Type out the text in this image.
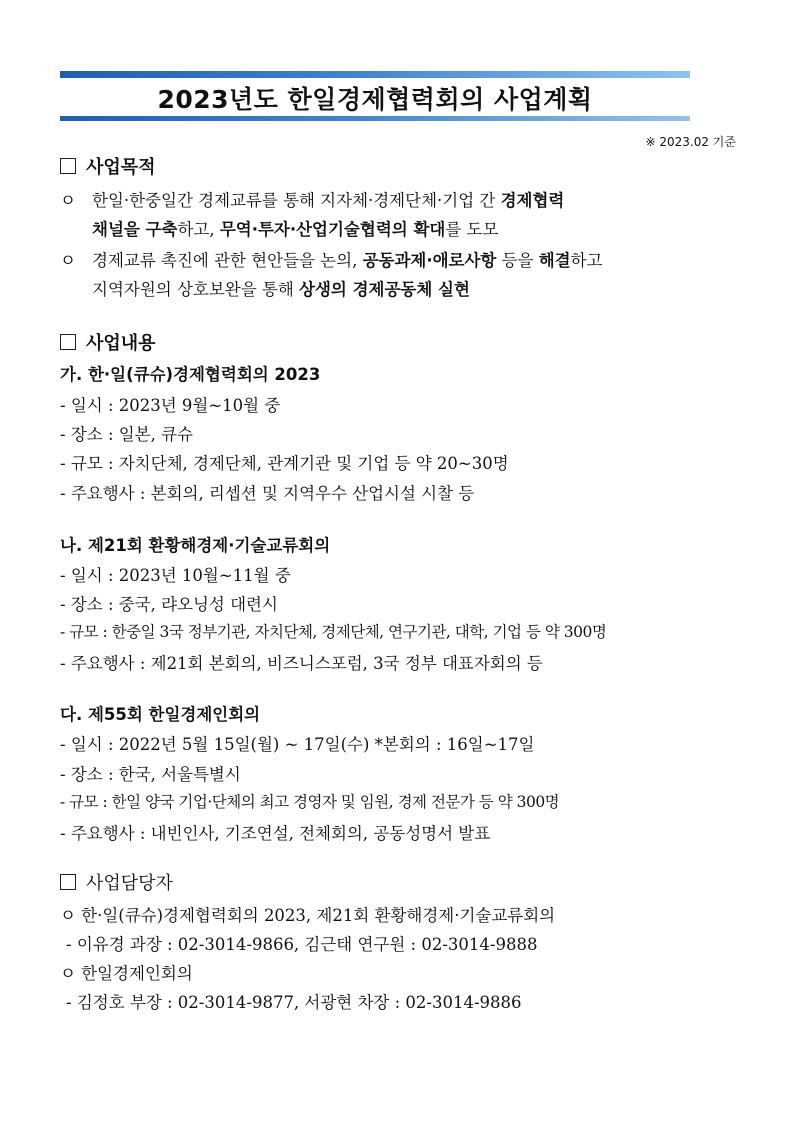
2023년도 한일경제협력회의 사업계획
※ 2023.02 기준
사업목적
ㅇ 한일·한중일간 경제교류를 통해 지자체·경제단체·기업 간 경제협력
채널을 구축하고, 무역·투자·산업기술협력의 확대를 도모
ㅇ 경제교류 촉진에 관한 현안들을 논의, 공동과제·애로사항 등을 해결하고
지역자원의 상호보완을 통해 상생의 경제공동체 실현
사업내용
가. 한·일(큐슈)경제협력회의 2023
- 일시 : 2023년 9월~10월 중
- 장소 : 일본, 큐슈
- 규모 : 자치단체, 경제단체, 관계기관 및 기업 등 약 20~30명
- 주요행사 : 본회의, 리셉션 및 지역우수 산업시설 시찰 등
나. 제21회 환황해경제·기술교류회의
- 일시 : 2023년 10월~11월 중
- 장소 : 중국, 랴오닝성 대련시
- 규모 : 한중일 3국 정부기관, 자치단체, 경제단체, 연구기관, 대학, 기업 등 약 300명
- 주요행사 : 제21회 본회의, 비즈니스포럼, 3국 정부 대표자회의 등
다. 제55회 한일경제인회의
- 일시 : 2022년 5월 15일(월) ~ 17일(수) *본회의 : 16일~17일
- 장소 : 한국, 서울특별시
- 규모 : 한일 양국 기업·단체의 최고 경영자 및 임원, 경제 전문가 등 약 300명
- 주요행사 : 내빈인사, 기조연설, 전체회의, 공동성명서 발표
사업담당자
ㅇ 한·일(큐슈)경제협력회의 2023, 제21회 환황해경제·기술교류회의
- 이유경 과장 : 02-3014-9866, 김근태 연구원 : 02-3014-9888
ㅇ 한일경제인회의
- 김정호 부장 : 02-3014-9877, 서광현 차장 : 02-3014-9886
